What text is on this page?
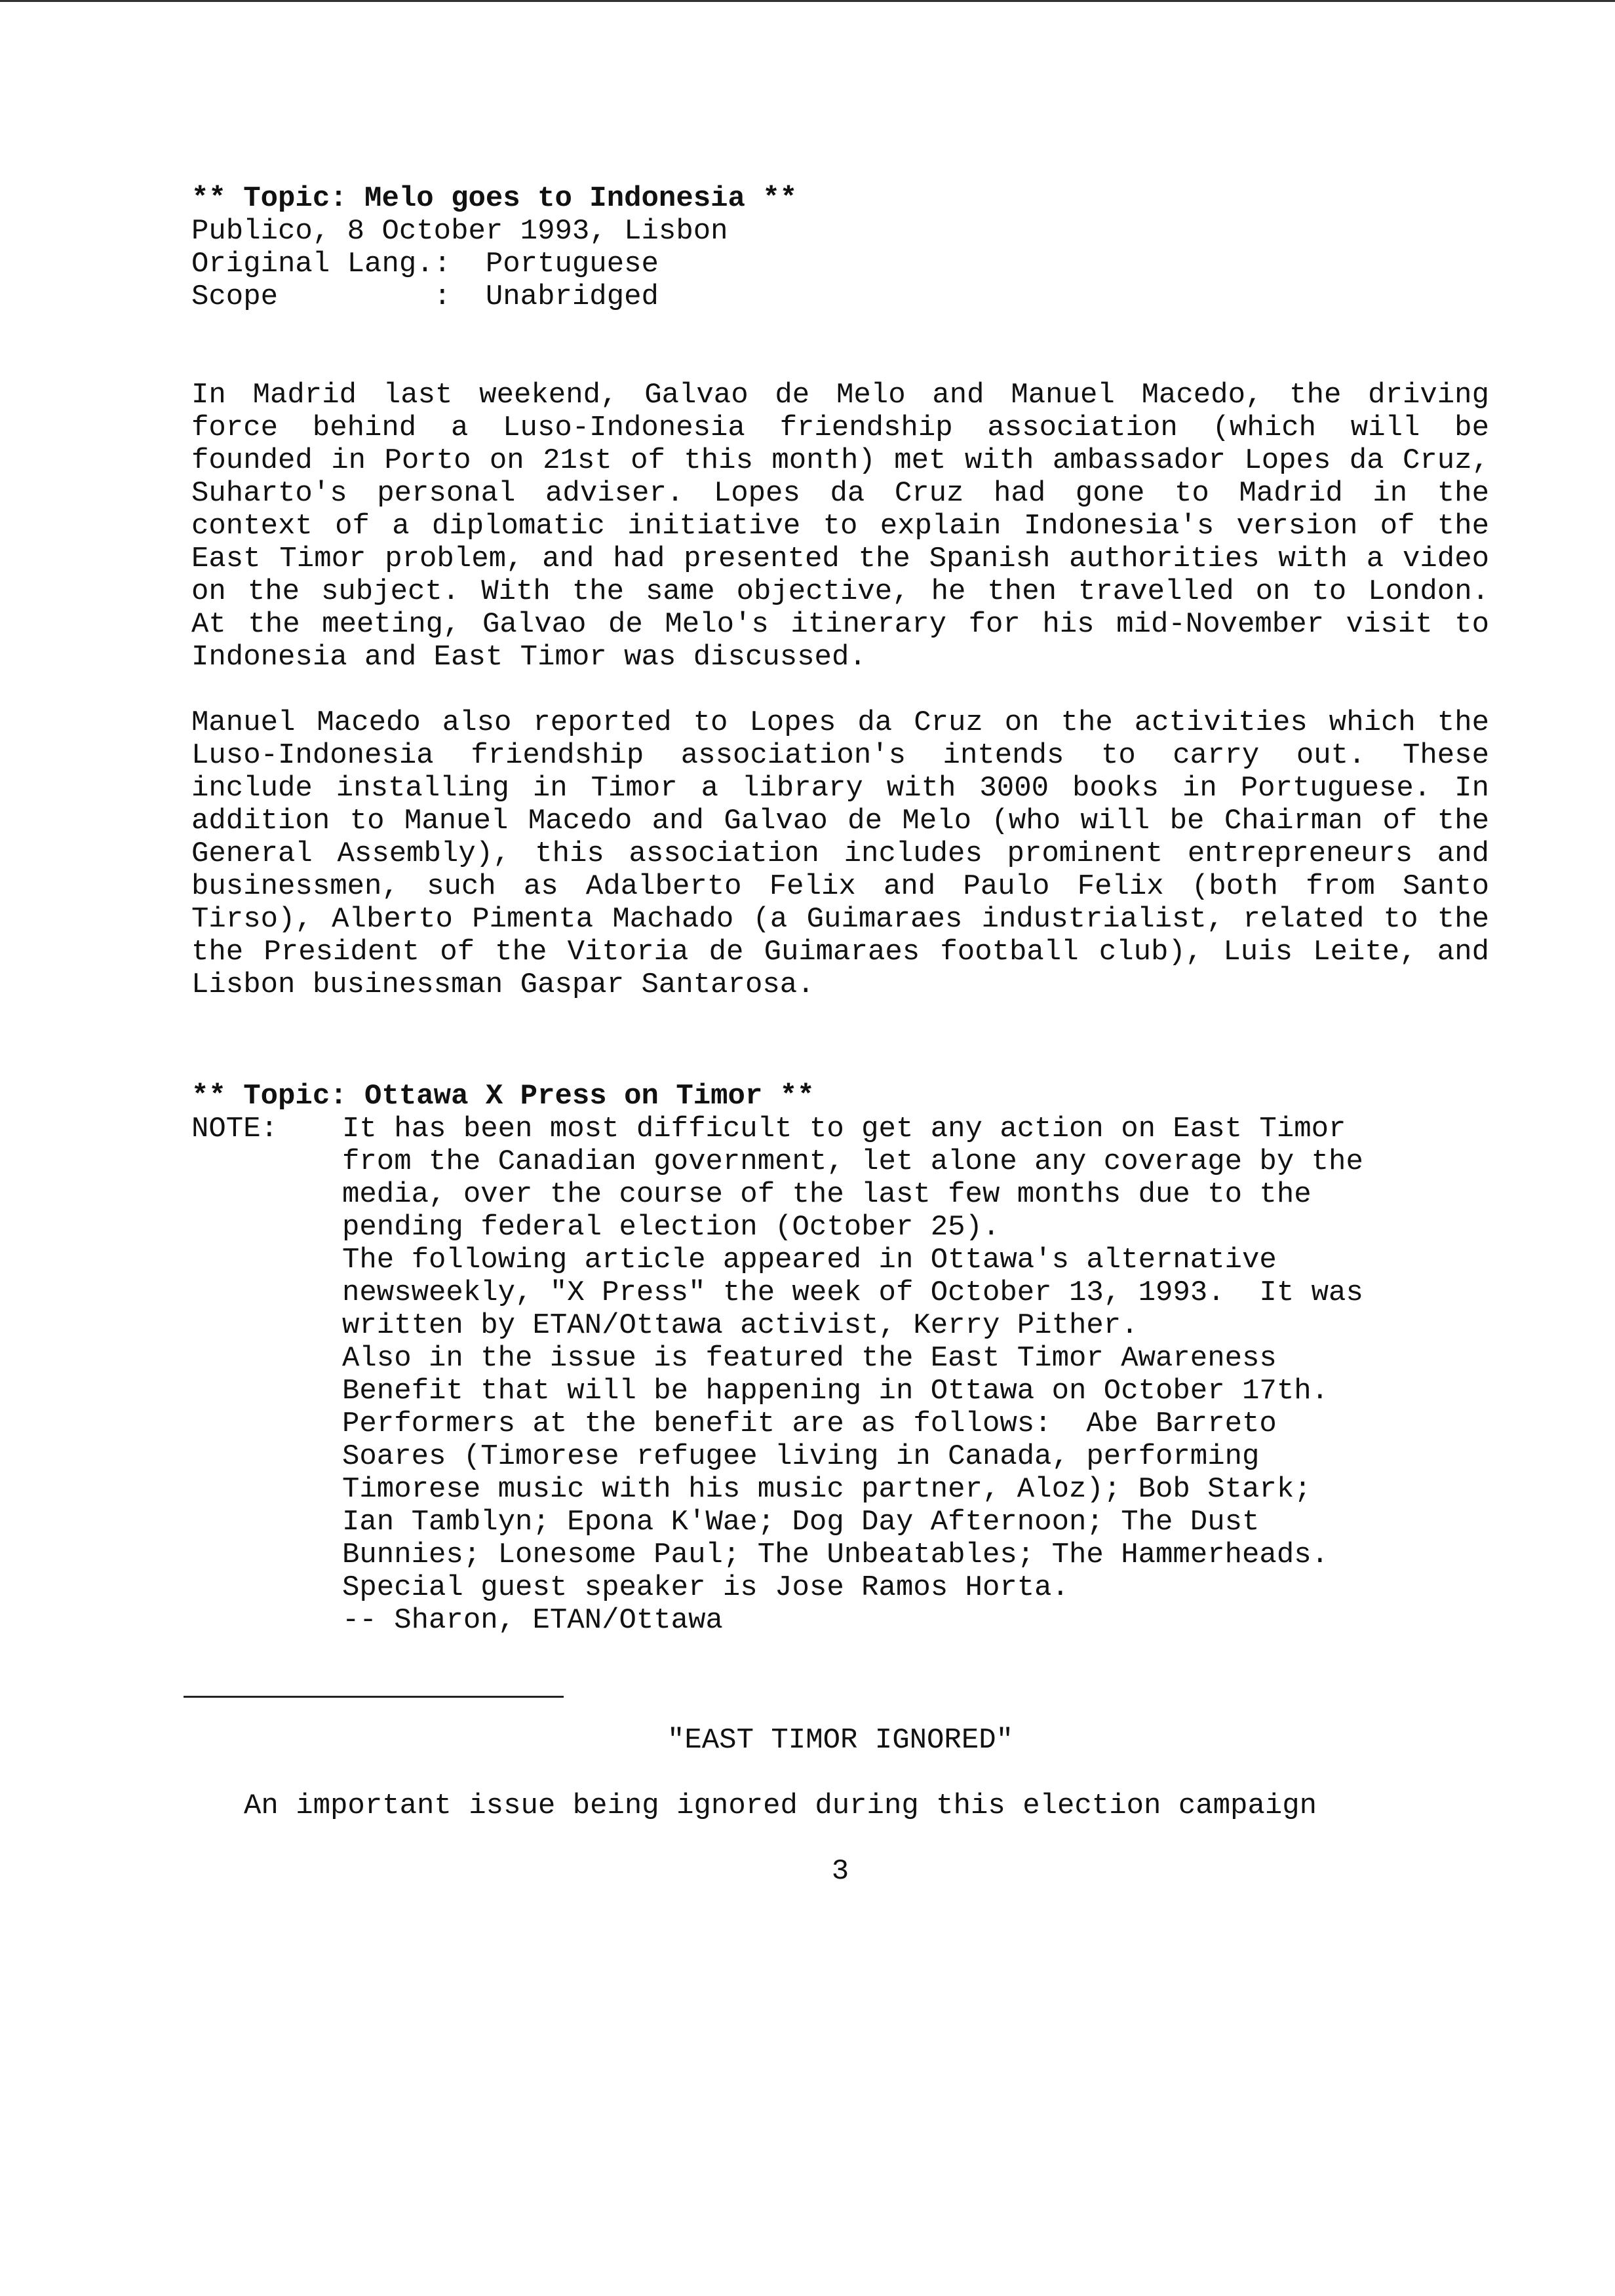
** Topic: Melo goes to Indonesia **
Publico, 8 October 1993, Lisbon
Original Lang.:  Portuguese
Scope         :  Unabridged

In Madrid last weekend, Galvao de Melo and Manuel Macedo, the driving force behind a Luso-Indonesia friendship association (which will be founded in Porto on 21st of this month) met with ambassador Lopes da Cruz, Suharto's personal adviser. Lopes da Cruz had gone to Madrid in the context of a diplomatic initiative to explain Indonesia's version of the East Timor problem, and had presented the Spanish authorities with a video on the subject. With the same objective, he then travelled on to London. At the meeting, Galvao de Melo's itinerary for his mid-November visit to Indonesia and East Timor was discussed.

Manuel Macedo also reported to Lopes da Cruz on the activities which the Luso-Indonesia friendship association's intends to carry out. These include installing in Timor a library with 3000 books in Portuguese. In addition to Manuel Macedo and Galvao de Melo (who will be Chairman of the General Assembly), this association includes prominent entrepreneurs and businessmen, such as Adalberto Felix and Paulo Felix (both from Santo Tirso), Alberto Pimenta Machado (a Guimaraes industrialist, related to the the President of the Vitoria de Guimaraes football club), Luis Leite, and Lisbon businessman Gaspar Santarosa.

** Topic: Ottawa X Press on Timor **
NOTE:	It has been most difficult to get any action on East Timor
from the Canadian government, let alone any coverage by the
media, over the course of the last few months due to the
pending federal election (October 25).
The following article appeared in Ottawa's alternative
newsweekly, "X Press" the week of October 13, 1993.  It was
written by ETAN/Ottawa activist, Kerry Pither.
Also in the issue is featured the East Timor Awareness
Benefit that will be happening in Ottawa on October 17th.
Performers at the benefit are as follows:  Abe Barreto
Soares (Timorese refugee living in Canada, performing
Timorese music with his music partner, Aloz); Bob Stark;
Ian Tamblyn; Epona K'Wae; Dog Day Afternoon; The Dust
Bunnies; Lonesome Paul; The Unbeatables; The Hammerheads.
Special guest speaker is Jose Ramos Horta.
-- Sharon, ETAN/Ottawa
"EAST TIMOR IGNORED"
An important issue being ignored during this election campaign
3
